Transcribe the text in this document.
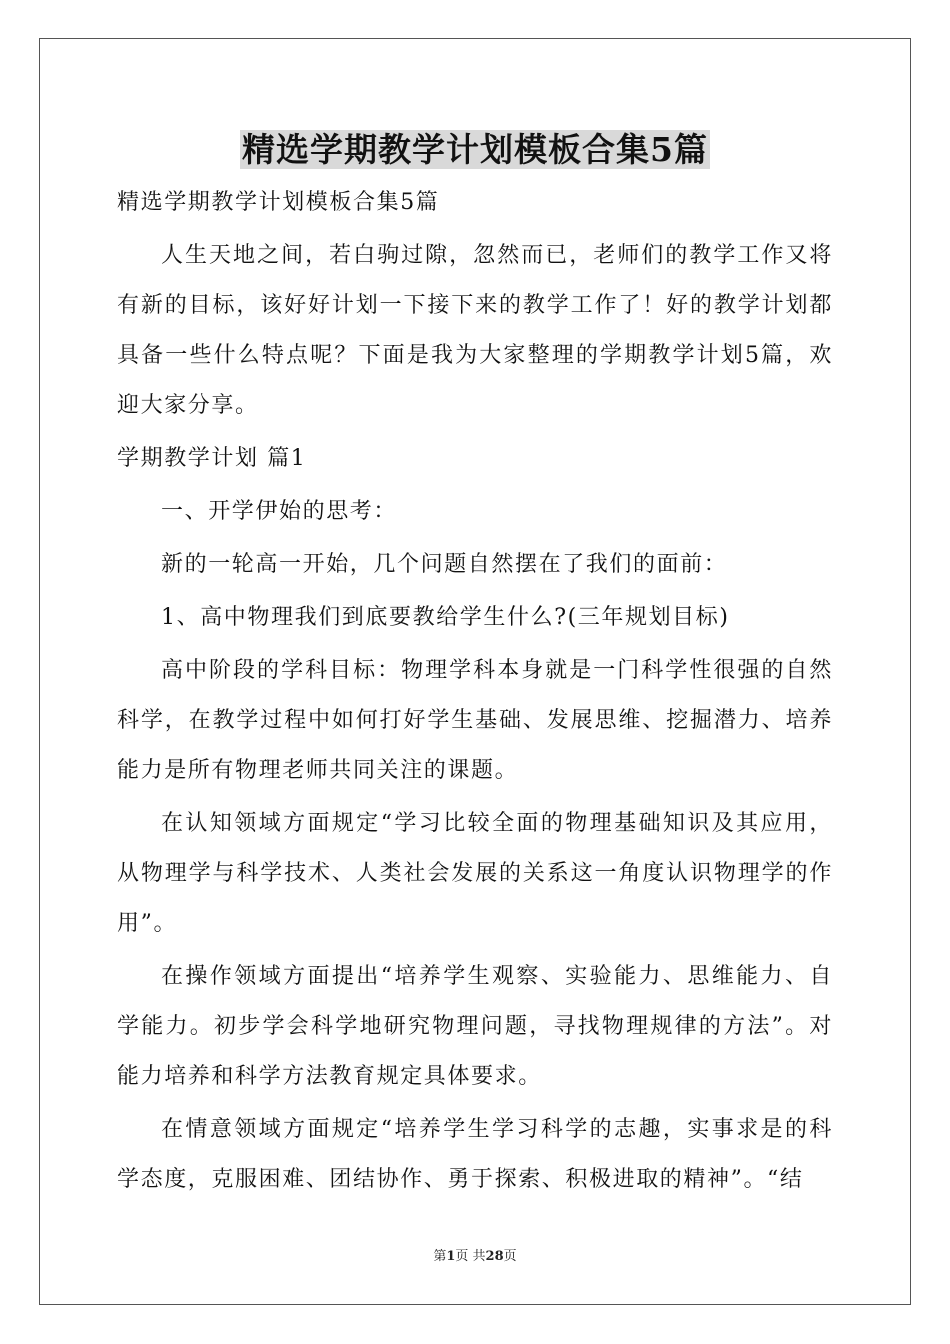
精选学期教学计划模板合集5篇

精选学期教学计划模板合集5篇

人生天地之间，若白驹过隙，忽然而已，老师们的教学工作又将有新的目标，该好好计划一下接下来的教学工作了！好的教学计划都具备一些什么特点呢？下面是我为大家整理的学期教学计划5篇，欢迎大家分享。

学期教学计划 篇1

一、开学伊始的思考：

新的一轮高一开始，几个问题自然摆在了我们的面前：

1、高中物理我们到底要教给学生什么?(三年规划目标)

高中阶段的学科目标：物理学科本身就是一门科学性很强的自然科学，在教学过程中如何打好学生基础、发展思维、挖掘潜力、培养能力是所有物理老师共同关注的课题。

在认知领域方面规定“学习比较全面的物理基础知识及其应用，从物理学与科学技术、人类社会发展的关系这一角度认识物理学的作用”。

在操作领域方面提出“培养学生观察、实验能力、思维能力、自学能力。初步学会科学地研究物理问题，寻找物理规律的方法”。对能力培养和科学方法教育规定具体要求。

在情意领域方面规定“培养学生学习科学的志趣，实事求是的科学态度，克服困难、团结协作、勇于探索、积极进取的精神”。“结

第1页 共28页
